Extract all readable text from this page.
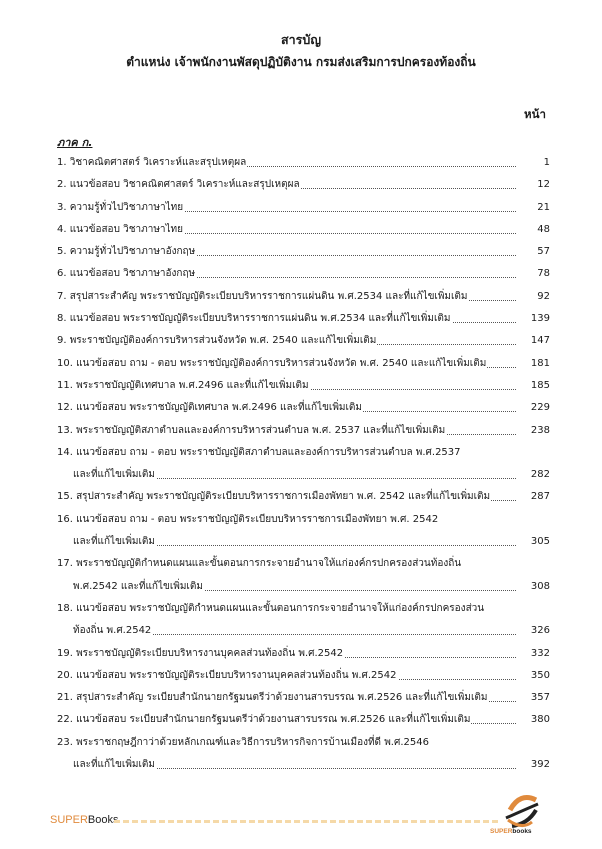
สารบัญ
ตำแหน่ง เจ้าพนักงานพัสดุปฏิบัติงาน กรมส่งเสริมการปกครองท้องถิ่น
หน้า
ภาค ก.
1. วิชาคณิตศาสตร์ วิเคราะห์และสรุปเหตุผล	1
2. แนวข้อสอบ วิชาคณิตศาสตร์ วิเคราะห์และสรุปเหตุผล	12
3. ความรู้ทั่วไปวิชาภาษาไทย	21
4. แนวข้อสอบ วิชาภาษาไทย	48
5. ความรู้ทั่วไปวิชาภาษาอังกฤษ	57
6. แนวข้อสอบ วิชาภาษาอังกฤษ	78
7. สรุปสาระสำคัญ พระราชบัญญัติระเบียบบริหารราชการแผ่นดิน พ.ศ.2534 และที่แก้ไขเพิ่มเติม	92
8. แนวข้อสอบ พระราชบัญญัติระเบียบบริหารราชการแผ่นดิน พ.ศ.2534 และที่แก้ไขเพิ่มเติม	139
9. พระราชบัญญัติองค์การบริหารส่วนจังหวัด พ.ศ. 2540 และแก้ไขเพิ่มเติม	147
10. แนวข้อสอบ ถาม - ตอบ พระราชบัญญัติองค์การบริหารส่วนจังหวัด พ.ศ. 2540 และแก้ไขเพิ่มเติม	181
11. พระราชบัญญัติเทศบาล พ.ศ.2496 และที่แก้ไขเพิ่มเติม	185
12. แนวข้อสอบ พระราชบัญญัติเทศบาล พ.ศ.2496 และที่แก้ไขเพิ่มเติม	229
13. พระราชบัญญัติสภาตำบลและองค์การบริหารส่วนตำบล พ.ศ. 2537 และที่แก้ไขเพิ่มเติม	238
14. แนวข้อสอบ ถาม - ตอบ พระราชบัญญัติสภาตำบลและองค์การบริหารส่วนตำบล พ.ศ.2537
และที่แก้ไขเพิ่มเติม	282
15. สรุปสาระสำคัญ พระราชบัญญัติระเบียบบริหารราชการเมืองพัทยา พ.ศ. 2542 และที่แก้ไขเพิ่มเติม	287
16. แนวข้อสอบ ถาม - ตอบ พระราชบัญญัติระเบียบบริหารราชการเมืองพัทยา พ.ศ. 2542
และที่แก้ไขเพิ่มเติม	305
17. พระราชบัญญัติกำหนดแผนและขั้นตอนการกระจายอำนาจให้แก่องค์กรปกครองส่วนท้องถิ่น
พ.ศ.2542 และที่แก้ไขเพิ่มเติม	308
18. แนวข้อสอบ พระราชบัญญัติกำหนดแผนและขั้นตอนการกระจายอำนาจให้แก่องค์กรปกครองส่วน
ท้องถิ่น พ.ศ.2542	326
19. พระราชบัญญัติระเบียบบริหารงานบุคคลส่วนท้องถิ่น พ.ศ.2542	332
20. แนวข้อสอบ พระราชบัญญัติระเบียบบริหารงานบุคคลส่วนท้องถิ่น พ.ศ.2542	350
21. สรุปสาระสำคัญ ระเบียบสำนักนายกรัฐมนตรีว่าด้วยงานสารบรรณ พ.ศ.2526 และที่แก้ไขเพิ่มเติม	357
22. แนวข้อสอบ ระเบียบสำนักนายกรัฐมนตรีว่าด้วยงานสารบรรณ พ.ศ.2526 และที่แก้ไขเพิ่มเติม	380
23. พระราชกฤษฎีกาว่าด้วยหลักเกณฑ์และวิธีการบริหารกิจการบ้านเมืองที่ดี พ.ศ.2546
และที่แก้ไขเพิ่มเติม	392
SUPERBooks
SUPERbooks
